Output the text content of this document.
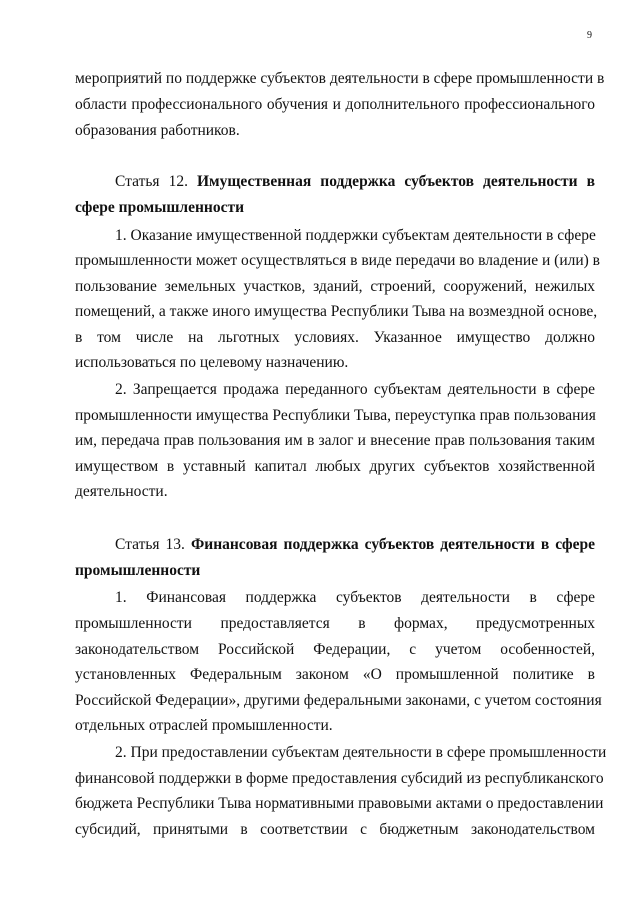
9
мероприятий по поддержке субъектов деятельности в сфере промышленности в
области профессионального обучения и дополнительного профессионального
образования работников.
Статья 12. Имущественная поддержка субъектов деятельности в
сфере промышленности
1. Оказание имущественной поддержки субъектам деятельности в сфере
промышленности может осуществляться в виде передачи во владение и (или) в
пользование земельных участков, зданий, строений, сооружений, нежилых
помещений, а также иного имущества Республики Тыва на возмездной основе,
в том числе на льготных условиях. Указанное имущество должно
использоваться по целевому назначению.
2. Запрещается продажа переданного субъектам деятельности в сфере
промышленности имущества Республики Тыва, переуступка прав пользования
им, передача прав пользования им в залог и внесение прав пользования таким
имуществом в уставный капитал любых других субъектов хозяйственной
деятельности.
Статья 13. Финансовая поддержка субъектов деятельности в сфере
промышленности
1. Финансовая поддержка субъектов деятельности в сфере
промышленности предоставляется в формах, предусмотренных
законодательством Российской Федерации, с учетом особенностей,
установленных Федеральным законом «О промышленной политике в
Российской Федерации», другими федеральными законами, с учетом состояния
отдельных отраслей промышленности.
2. При предоставлении субъектам деятельности в сфере промышленности
финансовой поддержки в форме предоставления субсидий из республиканского
бюджета Республики Тыва нормативными правовыми актами о предоставлении
субсидий, принятыми в соответствии с бюджетным законодательством
